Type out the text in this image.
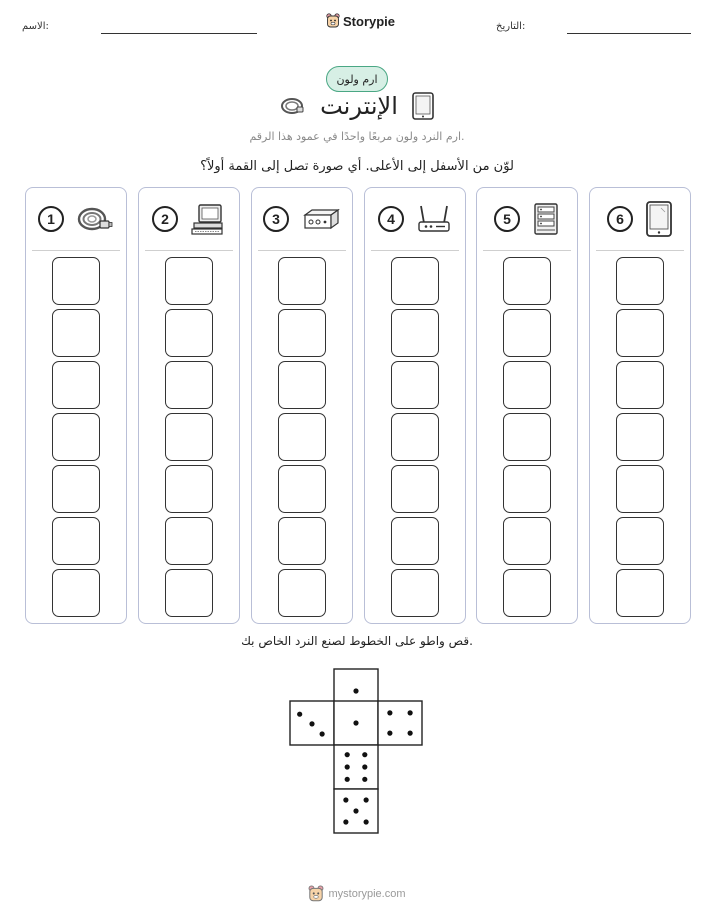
التاريخ:
Storypie
الاسم:
ارم ولون
الإنترنت
ارم النرد ولون مربعًا واحدًا في عمود هذا الرقم.
لوّن من الأسفل إلى الأعلى. أي صورة تصل إلى القمة أولاً؟
1	2	3	4	5	6
قص واطو على الخطوط لصنع النرد الخاص بك.
mystorypie.com
